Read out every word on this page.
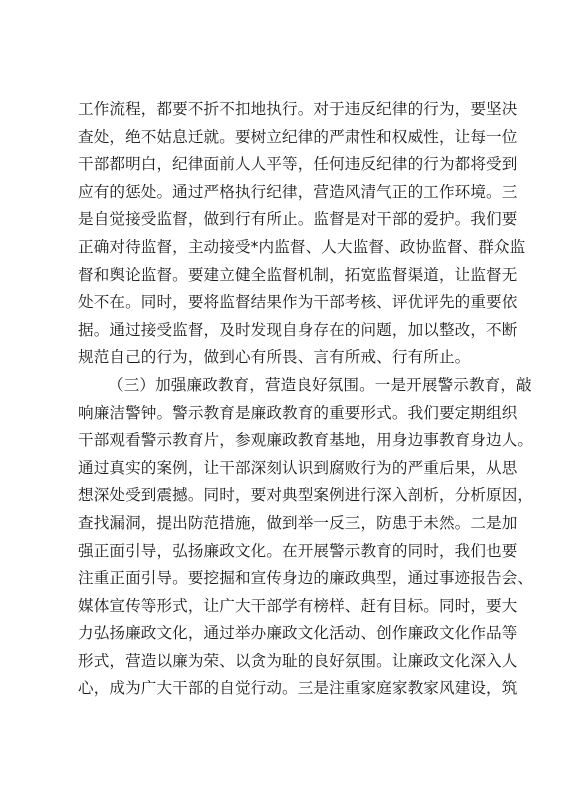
工作流程，都要不折不扣地执行。对于违反纪律的行为，要坚决
查处，绝不姑息迁就。要树立纪律的严肃性和权威性，让每一位
干部都明白，纪律面前人人平等，任何违反纪律的行为都将受到
应有的惩处。通过严格执行纪律，营造风清气正的工作环境。三
是自觉接受监督，做到行有所止。监督是对干部的爱护。我们要
正确对待监督，主动接受*内监督、人大监督、政协监督、群众监
督和舆论监督。要建立健全监督机制，拓宽监督渠道，让监督无
处不在。同时，要将监督结果作为干部考核、评优评先的重要依
据。通过接受监督，及时发现自身存在的问题，加以整改，不断
规范自己的行为，做到心有所畏、言有所戒、行有所止。
（三）加强廉政教育，营造良好氛围。一是开展警示教育，敲
响廉洁警钟。警示教育是廉政教育的重要形式。我们要定期组织
干部观看警示教育片，参观廉政教育基地，用身边事教育身边人。
通过真实的案例，让干部深刻认识到腐败行为的严重后果，从思
想深处受到震撼。同时，要对典型案例进行深入剖析，分析原因，
查找漏洞，提出防范措施，做到举一反三，防患于未然。二是加
强正面引导，弘扬廉政文化。在开展警示教育的同时，我们也要
注重正面引导。要挖掘和宣传身边的廉政典型，通过事迹报告会、
媒体宣传等形式，让广大干部学有榜样、赶有目标。同时，要大
力弘扬廉政文化，通过举办廉政文化活动、创作廉政文化作品等
形式，营造以廉为荣、以贪为耻的良好氛围。让廉政文化深入人
心，成为广大干部的自觉行动。三是注重家庭家教家风建设，筑
